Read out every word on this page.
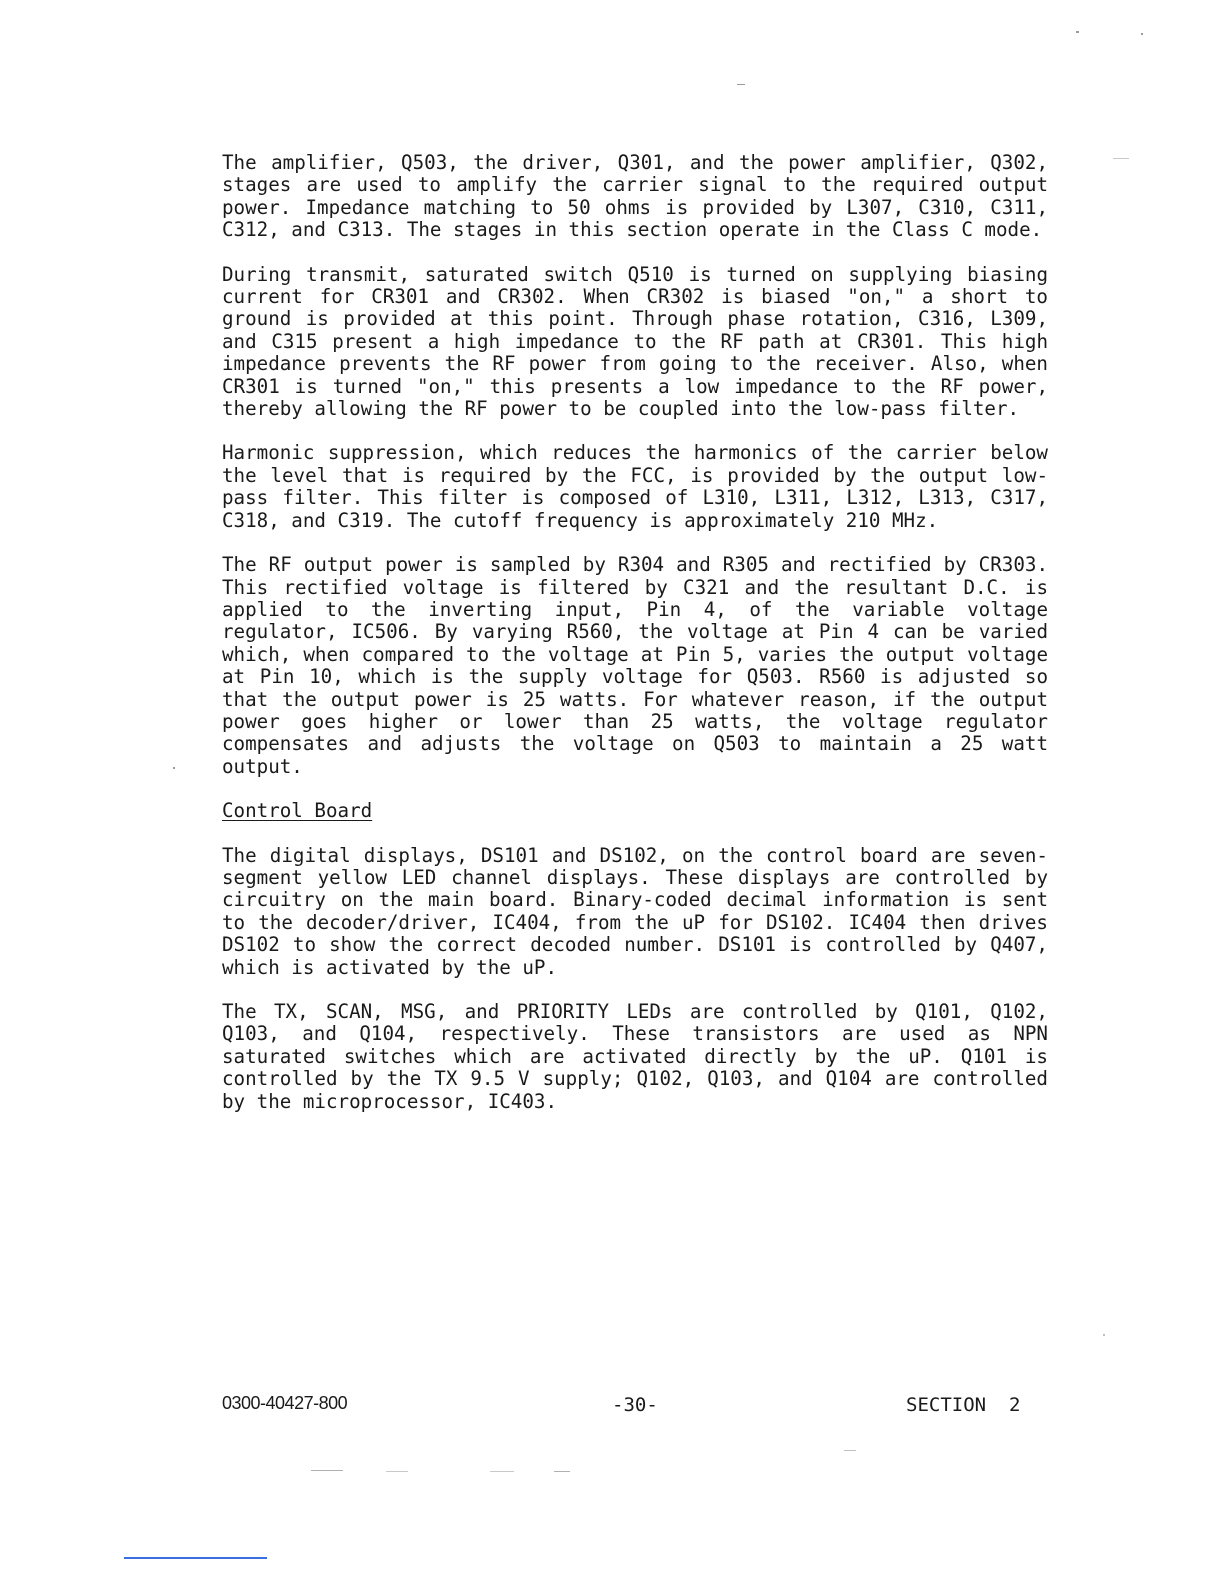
The amplifier, Q503, the driver, Q301, and the power amplifier, Q302, stages are used to amplify the carrier signal to the required output power. Impedance matching to 50 ohms is provided by L307, C310, C311, C312, and C313. The stages in this section operate in the Class C mode.

During transmit, saturated switch Q510 is turned on supplying biasing current for CR301 and CR302. When CR302 is biased "on," a short to ground is provided at this point. Through phase rotation, C316, L309, and C315 present a high impedance to the RF path at CR301. This high impedance prevents the RF power from going to the receiver. Also, when CR301 is turned "on," this presents a low impedance to the RF power, thereby allowing the RF power to be coupled into the low-pass filter.

Harmonic suppression, which reduces the harmonics of the carrier below the level that is required by the FCC, is provided by the output low-pass filter. This filter is composed of L310, L311, L312, L313, C317, C318, and C319. The cutoff frequency is approximately 210 MHz.

The RF output power is sampled by R304 and R305 and rectified by CR303. This rectified voltage is filtered by C321 and the resultant D.C. is applied to the inverting input, Pin 4, of the variable voltage regulator, IC506. By varying R560, the voltage at Pin 4 can be varied which, when compared to the voltage at Pin 5, varies the output voltage at Pin 10, which is the supply voltage for Q503. R560 is adjusted so that the output power is 25 watts. For whatever reason, if the output power goes higher or lower than 25 watts, the voltage regulator compensates and adjusts the voltage on Q503 to maintain a 25 watt output.

Control Board

The digital displays, DS101 and DS102, on the control board are seven-segment yellow LED channel displays. These displays are controlled by circuitry on the main board. Binary-coded decimal information is sent to the decoder/driver, IC404, from the uP for DS102. IC404 then drives DS102 to show the correct decoded number. DS101 is controlled by Q407, which is activated by the uP.

The TX, SCAN, MSG, and PRIORITY LEDs are controlled by Q101, Q102, Q103, and Q104, respectively. These transistors are used as NPN saturated switches which are activated directly by the uP. Q101 is controlled by the TX 9.5 V supply; Q102, Q103, and Q104 are controlled by the microprocessor, IC403.

0300-40427-800	-30-	SECTION  2
